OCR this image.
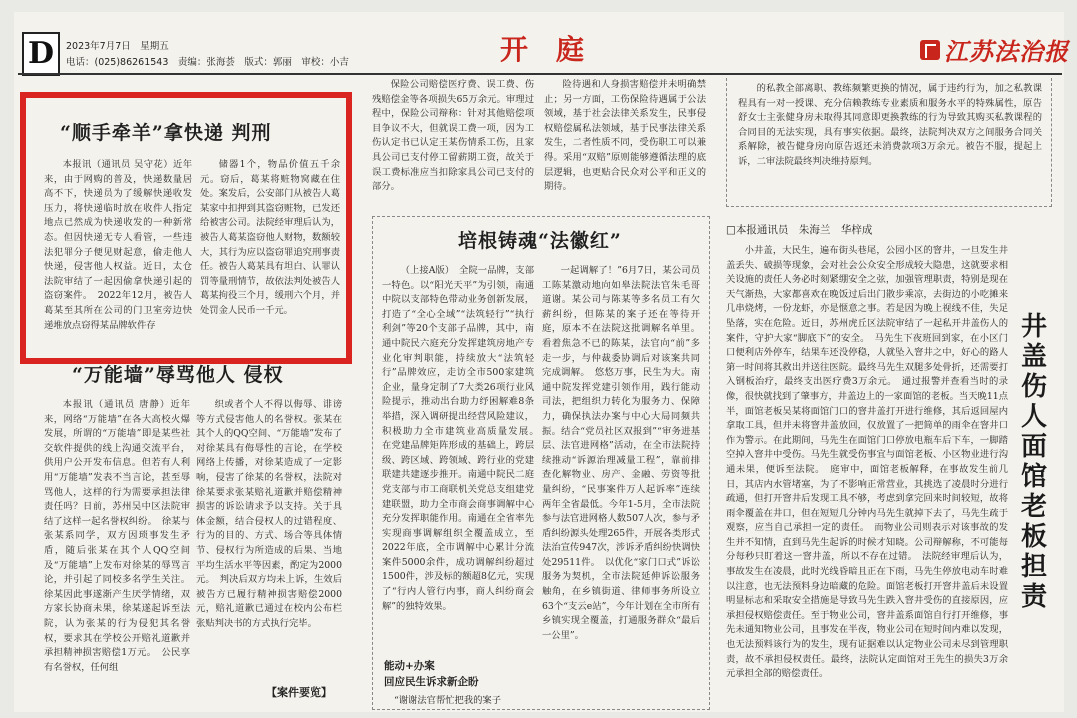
D	2023年7月7日　星期五
电话：(025)86261543　责编：张海荟　版式：郭丽　审校：小吉	开　庭	江苏法治报
“顺手牵羊”拿快递 判刑

本报讯（通讯员 吴守花）近年来，由于网购的普及，快递数量居高不下，快递员为了缓解快递收发压力，将快递临时放在收件人指定地点已然成为快递收发的一种新常态。但因快递无专人看管，一些违法犯罪分子便见财起意，偷走他人快递，侵害他人权益。近日，太仓法院审结了一起因偷拿快递引起的盗窃案件。　2022年12月，被告人葛某至其所在公司的门卫室旁边快递堆放点窃得某品牌软件存

储器1个，物品价值五千余元。窃后，葛某将赃物窝藏在住处。案发后，公安部门从被告人葛某家中扣押到其盗窃赃物，已发还给被害公司。法院经审理后认为，被告人葛某盗窃他人财物，数额较大，其行为应以盗窃罪追究刑事责任。被告人葛某具有坦白、认罪认罚等量刑情节，故依法判处被告人葛某拘役三个月，缓刑六个月，并处罚金人民币一千元。

“万能墙”辱骂他人 侵权

本报讯（通讯员 唐静）近年来，网络“万能墙”在各大高校火爆发展，所谓的“万能墙”即是某些社交软件提供的线上沟通交流平台，供用户公开发布信息。但若有人利用“万能墙”发表不当言论，甚至辱骂他人，这样的行为需要承担法律责任吗？日前，苏州吴中区法院审结了这样一起名誉权纠纷。　徐某与张某系同学，双方因琐事发生矛盾，随后张某在其个人QQ空间及“万能墙”上发布对徐某的辱骂言论，并引起了同校多名学生关注。徐某因此事遂渐产生厌学情绪，双方家长协商未果，徐某遂起诉至法院，认为张某的行为侵犯其名誉权，要求其在学校公开赔礼道歉并承担精神损害赔偿1万元。　公民享有名誉权，任何组

织或者个人不得以侮辱、诽谤等方式侵害他人的名誉权。张某在其个人的QQ空间、“万能墙”发布了对徐某具有侮辱性的言论，在学校网络上传播，对徐某造成了一定影响，侵害了徐某的名誉权，法院对徐某要求张某赔礼道歉并赔偿精神损害的诉讼请求予以支持。关于具体金额，结合侵权人的过错程度、行为的目的、方式、场合等具体情节、侵权行为所造成的后果、当地平均生活水平等因素，酌定为2000元。　判决后双方均未上诉，生效后被告方已履行精神损害赔偿2000元，赔礼道歉已通过在校内公布栏张贴判决书的方式执行完毕。

【案件要览】

保险公司赔偿医疗费、误工费、伤残赔偿金等各项损失65万余元。审理过程中，保险公司辩称：针对其他赔偿项目争议不大，但就误工费一项，因为工伤认定书已认定王某伤情系工伤，且家具公司已支付停工留薪期工资，故关于误工费标准应当扣除家具公司已支付的部分。

险待遇和人身损害赔偿并未明确禁止；另一方面，工伤保险待遇属于公法领域，基于社会法律关系发生，民事侵权赔偿属私法领域，基于民事法律关系发生，二者性质不同，受伤职工可以兼得。采用“双赔”原则能够遵循法理的底层逻辑，也更贴合民众对公平和正义的期待。

培根铸魂“法徽红”

（上接A版）　全院一品牌，支部一特色。以“阳光天平”为引领，南通中院以支部特色带动业务创新发展，打造了“全心全域”“法筑轻行”“执行利剑”等20个支部子品牌，其中，南通中院民六庭充分发挥建筑房地产专业化审判职能，持续放大“法筑轻行”品牌效应，走访全市500家建筑企业，量身定制了7大类26项行业风险提示，推动出台助力纾困解难8条举措，深入调研提出经营风险建议，积极助力全市建筑业高质量发展。　在党建品牌矩阵形成的基础上，跨层级、跨区域、跨领域、跨行业的党建联建共建逐步推开。南通中院民二庭党支部与市工商联机关党总支组建党建联盟，助力全市商会商事调解中心充分发挥职能作用。南通在全省率先实现商事调解组织全覆盖成立，至2022年底，全市调解中心累计分流案件5000余件，成功调解纠纷超过1500件，涉及标的额超8亿元，实现了“行内人管行内事，商人纠纷商会解”的独特效果。

能动+办案
回应民生诉求新企盼
“谢谢法官帮忙把我的案子

一起调解了！”6月7日，某公司员工陈某激动地向如皋法院法官朱毛哥道谢。某公司与陈某等多名员工有欠薪纠纷，但陈某的案子还在等待开庭，原本不在法院这批调解名单里。看着焦急不已的陈某，法官向“前”多走一步，与仲裁委协调后对该案共同完成调解。　悠悠万事，民生为大。南通中院发挥党建引领作用，践行能动司法，把组织力转化为服务力、保障力，确保执法办案与中心大局同频共振。结合“党员社区双报到”“审务进基层、法官进网格”活动，在全市法院持续推动“诉源治理减量工程”，靠前排查化解物业、房产、金融、劳资等批量纠纷，“民事案件万人起诉率”连续两年全省最低。今年1-5月，全市法院参与法官进网格人数507人次，参与矛盾纠纷源头处理265件，开展各类形式法治宣传947次，涉诉矛盾纠纷快调快处29511件。　以优化“家门口式”诉讼服务为契机，全市法院延伸诉讼服务触角，在乡镇街道、律师事务所设立63个“支云e站”，今年计划在全市所有乡镇实现全覆盖，打通服务群众“最后一公里”。

的私教全部离职、教练频繁更换的情况，属于违约行为，加之私教课程具有一对一授课、充分信赖教练专业素质和服务水平的特殊属性，原告舒女士主张健身房未取得其同意即更换教练的行为导致其购买私教课程的合同目的无法实现，具有事实依据。最终，法院判决双方之间服务合同关系解除，被告健身房向原告返还未消费款项3万余元。被告不服，提起上诉，二审法院最终判决维持原判。

□本报通讯员　朱海兰　华梓成

小井盖，大民生，遍布街头巷尾，公园小区的窨井，一旦发生井盖丢失、破损等现象，会对社会公众安全形成较大隐患，这就要求相关设施的责任人务必时刻紧绷安全之弦，加强管理职责，特别是现在天气渐热，大家都喜欢在晚饭过后出门散步乘凉，去街边的小吃摊来几串烧烤，一份龙虾，亦是惬意之事。若是因为晚上视线不佳，失足坠落，实在危险。近日，苏州虎丘区法院审结了一起私开井盖伤人的案件，守护大家“脚底下”的安全。　马先生下夜班回到家，在小区门口便利店外停车，结果车还没停稳，人就坠入窨井之中，好心的路人第一时间将其救出并送往医院。最终马先生双腿多处骨折，还需要打入钢板治疗，最终支出医疗费3万余元。　通过报警并查看当时的录像，很快就找到了肇事方，井盖边上的一家面馆的老板。当天晚11点半，面馆老板吴某将面馆门口的窨井盖打开进行维修，其后返回屋内拿取工具，但并未将窨井盖放回，仅放置了一把简单的雨伞在窨井口作为警示。在此期间，马先生在面馆门口停放电瓶车后下车，一脚踏空掉入窨井中受伤。马先生就受伤事宜与面馆老板、小区物业进行沟通未果，便诉至法院。　庭审中，面馆老板解释，在事故发生前几日，其店内水管堵塞，为了不影响正常营业，其挑选了凌晨时分进行疏通，但打开窨井后发现工具不够，考虑到拿完回来时间较短，故将雨伞覆盖在井口，但在短短几分钟内马先生就掉下去了，马先生疏于观察，应当自己承担一定的责任。　而物业公司则表示对该事故的发生并不知情，直到马先生起诉的时候才知晓。公司辩解称，不可能每分每秒只盯着这一窨井盖，所以不存在过错。　法院经审理后认为，事故发生在凌晨，此时光线昏暗且正在下雨，马先生停放电动车时难以注意，也无法预料身边暗藏的危险。面馆老板打开窨井盖后未设置明显标志和采取安全措施是导致马先生跌入窨井受伤的直接原因，应承担侵权赔偿责任。至于物业公司，窨井盖系面馆自行打开维修，事先未通知物业公司，且事发在半夜，物业公司在短时间内难以发现，也无法预料该行为的发生，现有证据难以认定物业公司未尽到管理职责，故不承担侵权责任。最终，法院认定面馆对王先生的损失3万余元承担全部的赔偿责任。

井盖伤人 面馆老板担责
